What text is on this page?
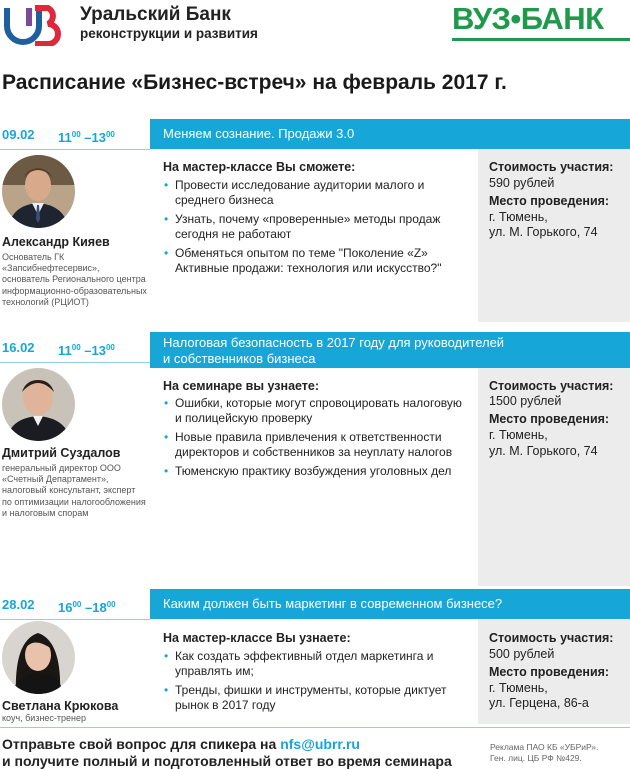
Уральский Банк
реконструкции и развития	ВУЗ•БАНК
Расписание «Бизнес-встреч» на февраль 2017 г.
09.02 $11^{00}$ $-13^{00}$	Меняем сознание. Продажи 3.0
Александр Кияев
Основатель ГК «Запсибнефтесервис», основатель Регионального центра информационно-образовательных технологий (РЦИОТ)
На мастер-классе Вы сможете:
• Провести исследование аудитории малого и среднего бизнеса
• Узнать, почему «проверенные» методы продаж сегодня не работают
• Обменяться опытом по теме "Поколение «Z» Активные продажи: технология или искусство?"
Стоимость участия:
590 рублей
Место проведения:
г. Тюмень,
ул. М. Горького, 74
16.02 $11^{00}$ $-13^{00}$	Налоговая безопасность в 2017 году для руководителей
и собственников бизнеса
Дмитрий Суздалов
генеральный директор ООО «Счетный Департамент», налоговый консультант, эксперт по оптимизации налогообложения и налоговым спорам
На семинаре вы узнаете:
• Ошибки, которые могут спровоцировать налоговую и полицейскую проверку
• Новые правила привлечения к ответственности директоров и собственников за неуплату налогов
• Тюменскую практику возбуждения уголовных дел
Стоимость участия:
1500 рублей
Место проведения:
г. Тюмень,
ул. М. Горького, 74
28.02 $16^{00}$ $-18^{00}$	Каким должен быть маркетинг в современном бизнесе?
Светлана Крюкова
коуч, бизнес-тренер
На мастер-классе Вы узнаете:
• Как создать эффективный отдел маркетинга и управлять им;
• Тренды, фишки и инструменты, которые диктует рынок в 2017 году
Стоимость участия:
500 рублей
Место проведения:
г. Тюмень,
ул. Герцена, 86-а
Отправьте свой вопрос для спикера на nfs@ubrr.ru
и получите полный и подготовленный ответ во время семинара
Реклама ПАО КБ «УБРиР».
Ген. лиц. ЦБ РФ №429.
